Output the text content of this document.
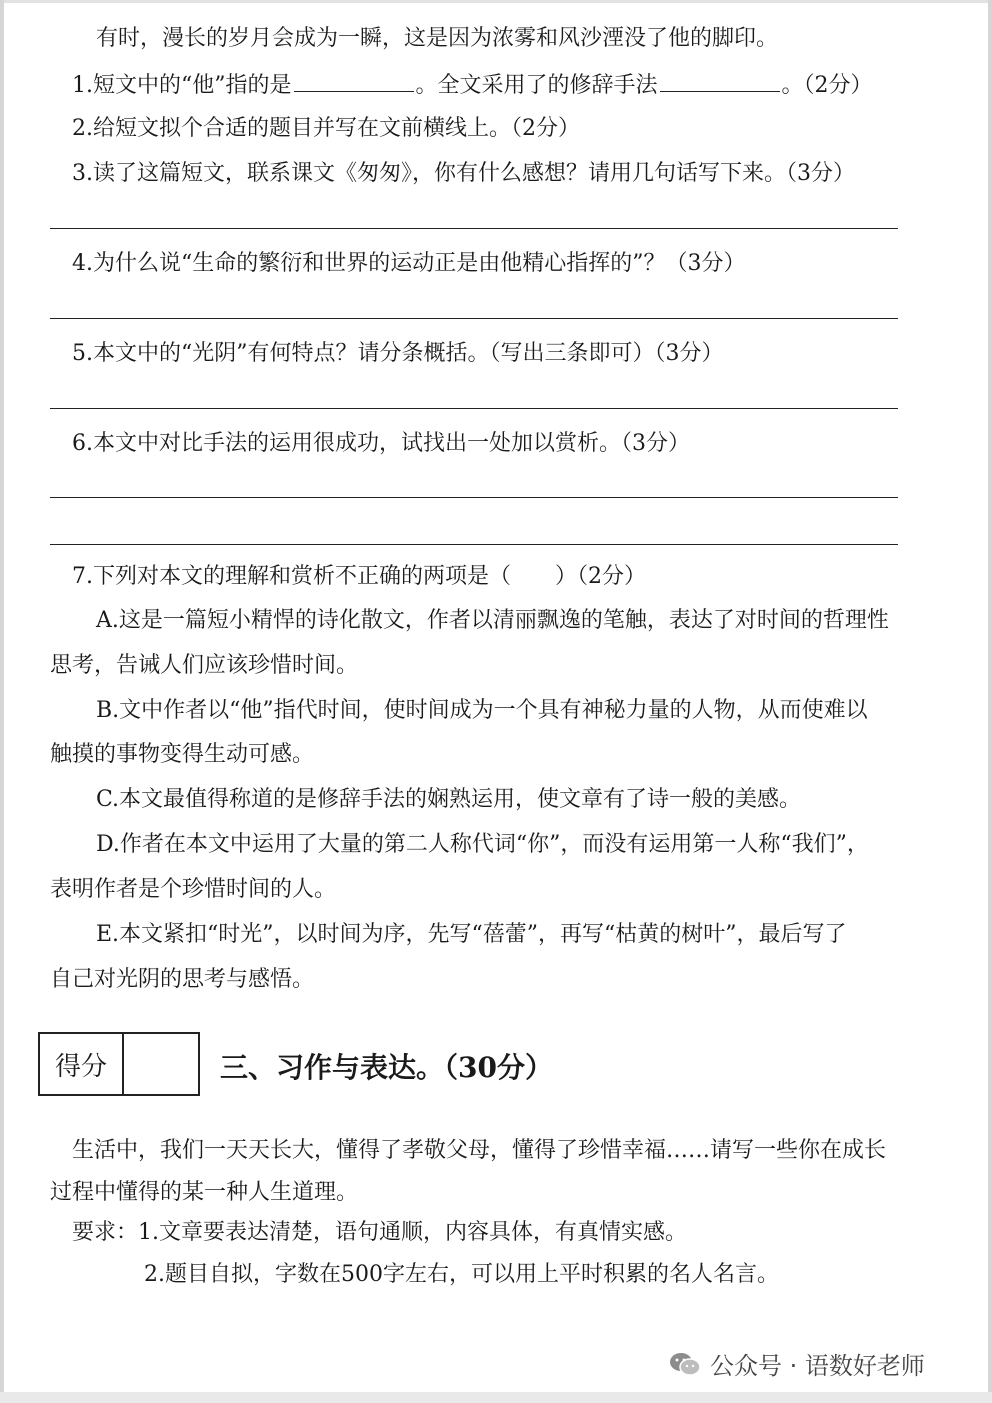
有时，漫长的岁月会成为一瞬，这是因为浓雾和风沙湮没了他的脚印。
1.短文中的“他”指的是	。全文采用了的修辞手法	。（2分）
2.给短文拟个合适的题目并写在文前横线上。（2分）
3.读了这篇短文，联系课文《匆匆》，你有什么感想？请用几句话写下来。（3分）
4.为什么说“生命的繁衍和世界的运动正是由他精心指挥的”？（3分）
5.本文中的“光阴”有何特点？请分条概括。（写出三条即可）（3分）
6.本文中对比手法的运用很成功，试找出一处加以赏析。（3分）
7.下列对本文的理解和赏析不正确的两项是（　　）（2分）
A.这是一篇短小精悍的诗化散文，作者以清丽飘逸的笔触，表达了对时间的哲理性
思考，告诫人们应该珍惜时间。
B.文中作者以“他”指代时间，使时间成为一个具有神秘力量的人物，从而使难以
触摸的事物变得生动可感。
C.本文最值得称道的是修辞手法的娴熟运用，使文章有了诗一般的美感。
D.作者在本文中运用了大量的第二人称代词“你”，而没有运用第一人称“我们”，
表明作者是个珍惜时间的人。
E.本文紧扣“时光”，以时间为序，先写“蓓蕾”，再写“枯黄的树叶”，最后写了
自己对光阴的思考与感悟。
得分	三、习作与表达。（30分）
生活中，我们一天天长大，懂得了孝敬父母，懂得了珍惜幸福……请写一些你在成长
过程中懂得的某一种人生道理。
要求：1.文章要表达清楚，语句通顺，内容具体，有真情实感。
2.题目自拟，字数在500字左右，可以用上平时积累的名人名言。
公众号 · 语数好老师
